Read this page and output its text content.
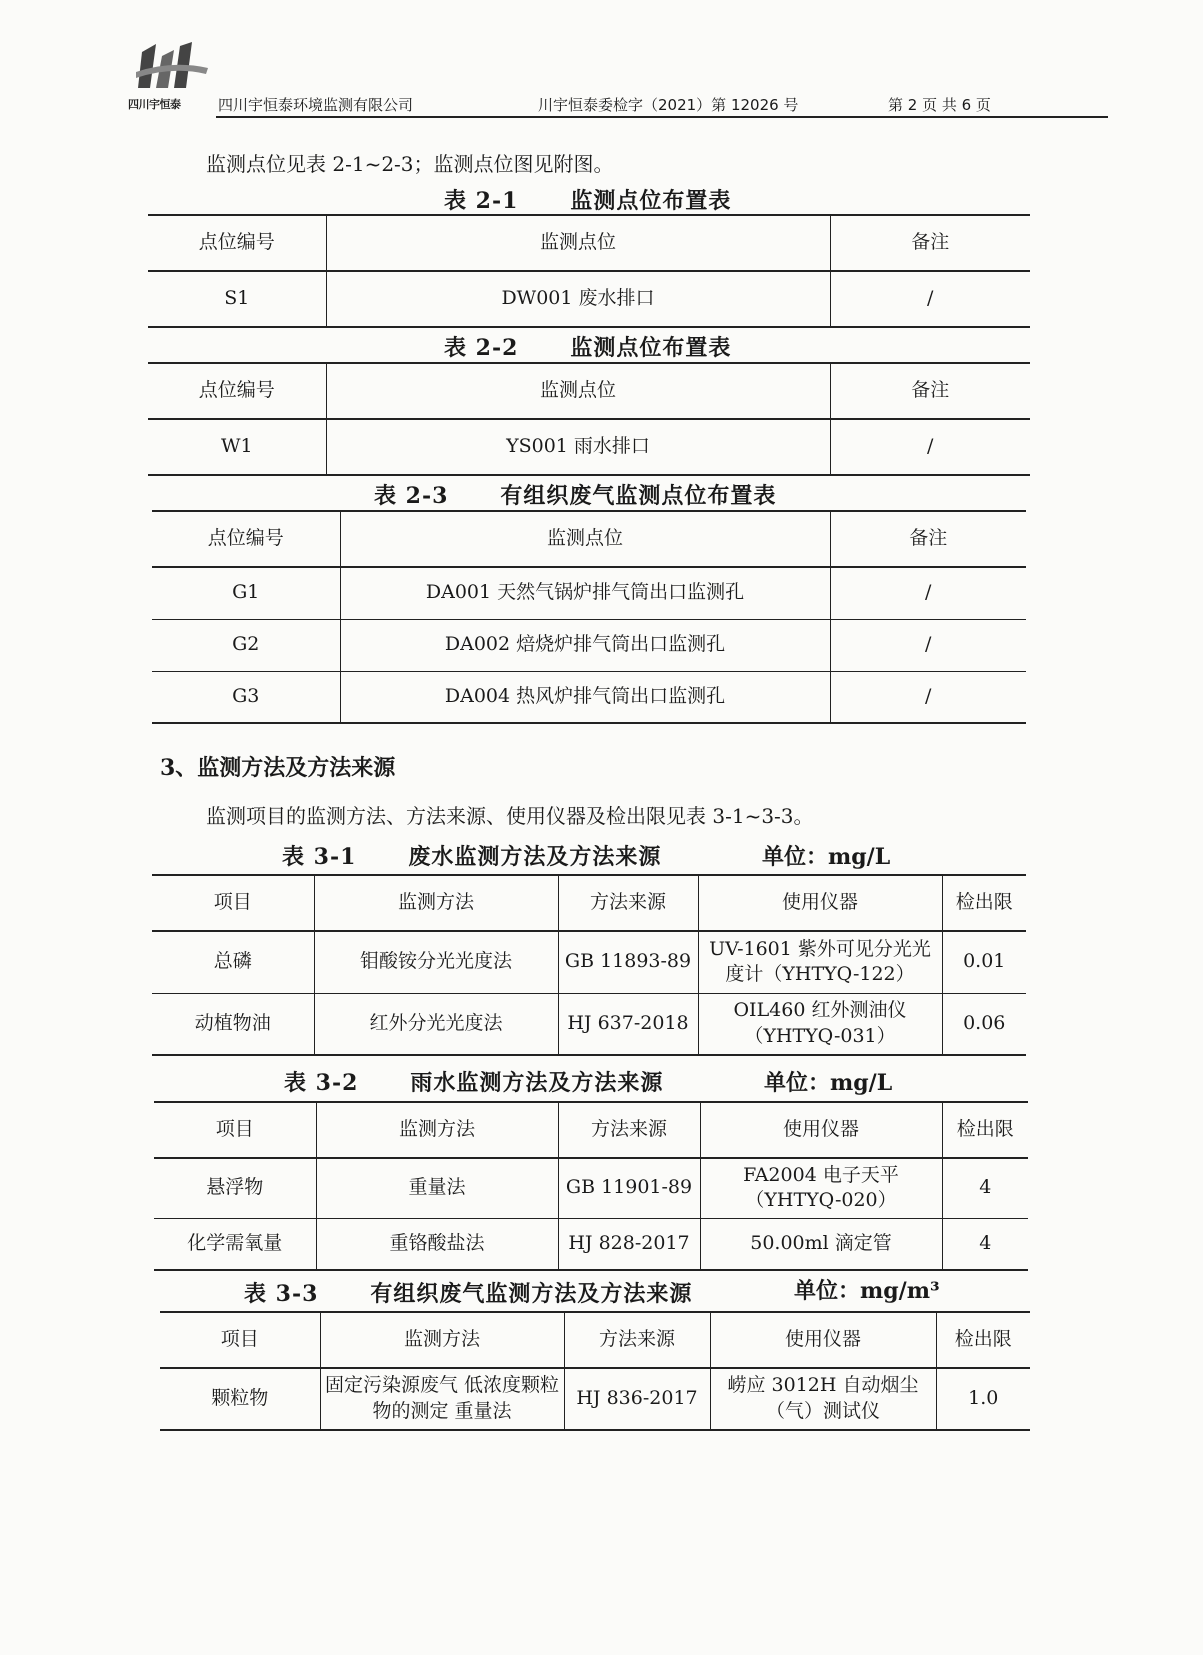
四川宇恒泰	四川宇恒泰环境监测有限公司	川宇恒泰委检字（2021）第 12026 号	第 2 页 共 6 页
监测点位见表 2-1~2-3；监测点位图见附图。
表 2-1      监测点位布置表
点位编号	监测点位	备注
S1	DW001 废水排口	/
表 2-2      监测点位布置表
点位编号	监测点位	备注
W1	YS001 雨水排口	/
表 2-3      有组织废气监测点位布置表
点位编号	监测点位	备注
G1	DA001 天然气锅炉排气筒出口监测孔	/
G2	DA002 焙烧炉排气筒出口监测孔	/
G3	DA004 热风炉排气筒出口监测孔	/
3、监测方法及方法来源
监测项目的监测方法、方法来源、使用仪器及检出限见表 3-1~3-3。
表 3-1      废水监测方法及方法来源	单位：mg/L
项目	监测方法	方法来源	使用仪器	检出限
总磷	钼酸铵分光光度法	GB 11893-89	UV-1601 紫外可见分光光度计（YHTYQ-122）	0.01
动植物油	红外分光光度法	HJ 637-2018	OIL460 红外测油仪（YHTYQ-031）	0.06
表 3-2      雨水监测方法及方法来源	单位：mg/L
项目	监测方法	方法来源	使用仪器	检出限
悬浮物	重量法	GB 11901-89	FA2004 电子天平（YHTYQ-020）	4
化学需氧量	重铬酸盐法	HJ 828-2017	50.00ml 滴定管	4
表 3-3      有组织废气监测方法及方法来源	单位：mg/m³
项目	监测方法	方法来源	使用仪器	检出限
颗粒物	固定污染源废气 低浓度颗粒物的测定 重量法	HJ 836-2017	崂应 3012H 自动烟尘（气）测试仪	1.0
